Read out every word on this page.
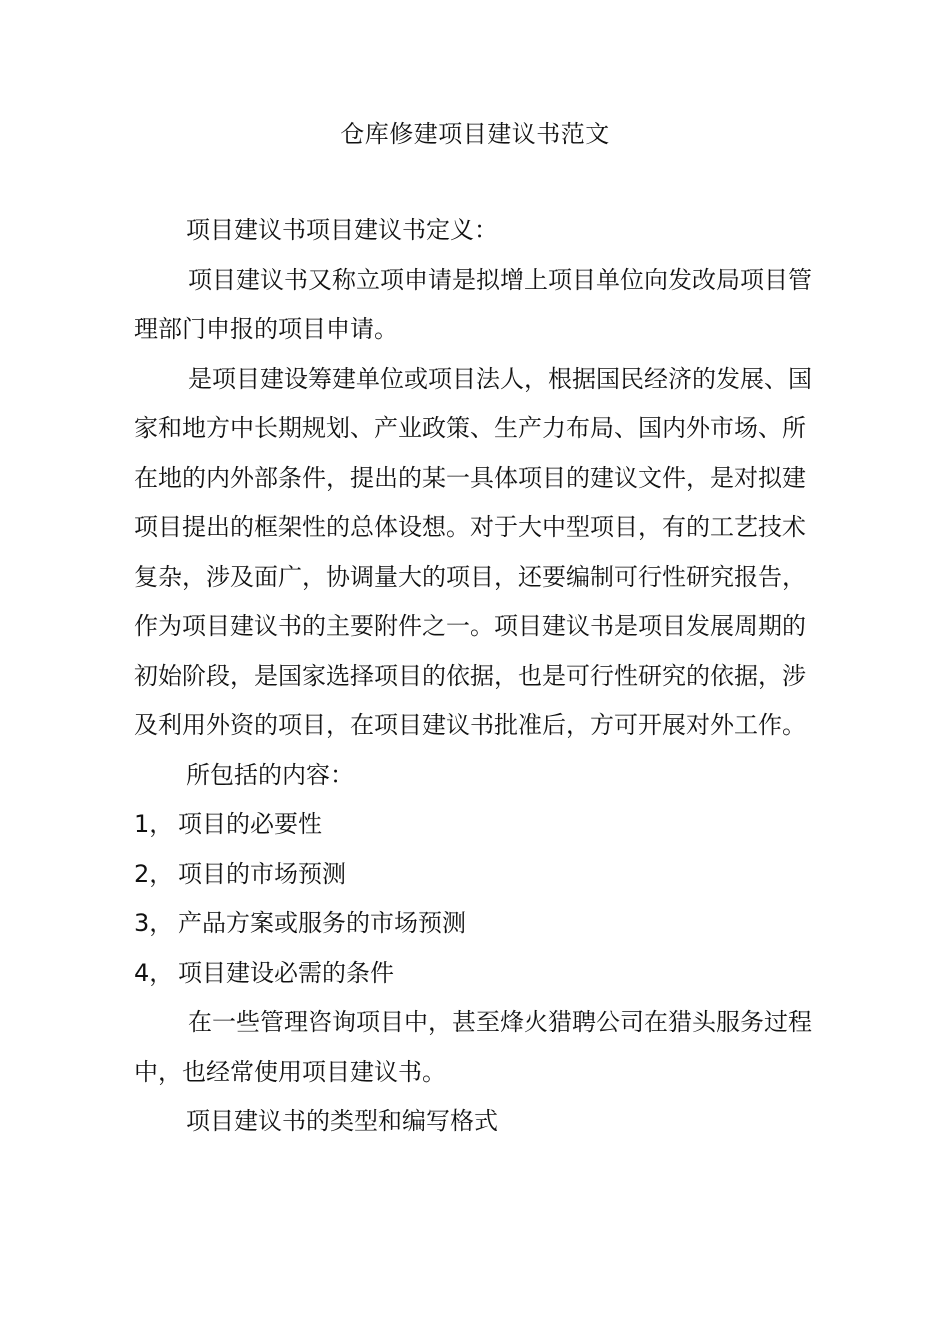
仓库修建项目建议书范文

项目建议书项目建议书定义：

项目建议书又称立项申请是拟增上项目单位向发改局项目管理部门申报的项目申请。

是项目建设筹建单位或项目法人，根据国民经济的发展、国家和地方中长期规划、产业政策、生产力布局、国内外市场、所在地的内外部条件，提出的某一具体项目的建议文件，是对拟建项目提出的框架性的总体设想。对于大中型项目，有的工艺技术复杂，涉及面广，协调量大的项目，还要编制可行性研究报告，作为项目建议书的主要附件之一。项目建议书是项目发展周期的初始阶段，是国家选择项目的依据，也是可行性研究的依据，涉及利用外资的项目，在项目建议书批准后，方可开展对外工作。

所包括的内容：

1， 项目的必要性

2， 项目的市场预测

3， 产品方案或服务的市场预测

4， 项目建设必需的条件

在一些管理咨询项目中，甚至烽火猎聘公司在猎头服务过程中，也经常使用项目建议书。

项目建议书的类型和编写格式
